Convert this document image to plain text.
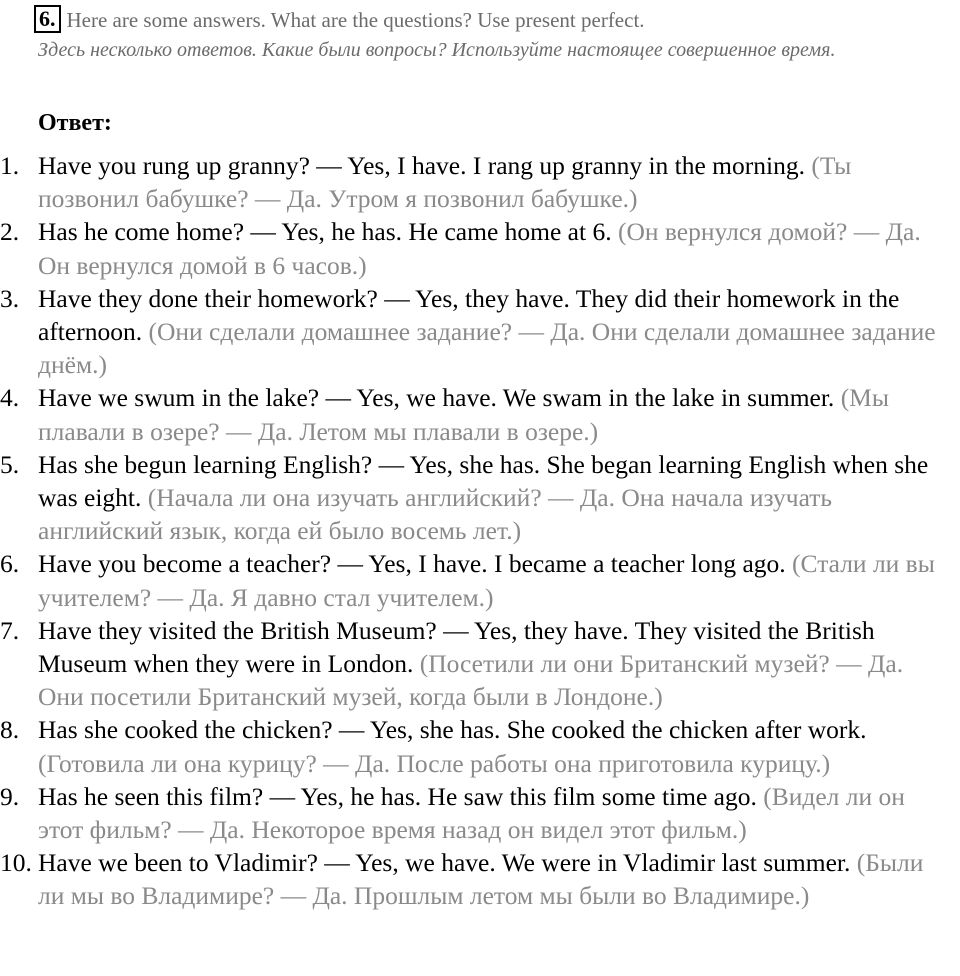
6. Here are some answers. What are the questions? Use present perfect.
Здесь несколько ответов. Какие были вопросы? Используйте настоящее совершенное время.
Ответ:
1. Have you rung up granny? — Yes, I have. I rang up granny in the morning. (Ты позвонил бабушке? — Да. Утром я позвонил бабушке.)
2. Has he come home? — Yes, he has. He came home at 6. (Он вернулся домой? — Да. Он вернулся домой в 6 часов.)
3. Have they done their homework? — Yes, they have. They did their homework in the afternoon. (Они сделали домашнее задание? — Да. Они сделали домашнее задание днём.)
4. Have we swum in the lake? — Yes, we have. We swam in the lake in summer. (Мы плавали в озере? — Да. Летом мы плавали в озере.)
5. Has she begun learning English? — Yes, she has. She began learning English when she was eight. (Начала ли она изучать английский? — Да. Она начала изучать английский язык, когда ей было восемь лет.)
6. Have you become a teacher? — Yes, I have. I became a teacher long ago. (Стали ли вы учителем? — Да. Я давно стал учителем.)
7. Have they visited the British Museum? — Yes, they have. They visited the British Museum when they were in London. (Посетили ли они Британский музей? — Да. Они посетили Британский музей, когда были в Лондоне.)
8. Has she cooked the chicken? — Yes, she has. She cooked the chicken after work. (Готовила ли она курицу? — Да. После работы она приготовила курицу.)
9. Has he seen this film? — Yes, he has. He saw this film some time ago. (Видел ли он этот фильм? — Да. Некоторое время назад он видел этот фильм.)
10. Have we been to Vladimir? — Yes, we have. We were in Vladimir last summer. (Были ли мы во Владимире? — Да. Прошлым летом мы были во Владимире.)
